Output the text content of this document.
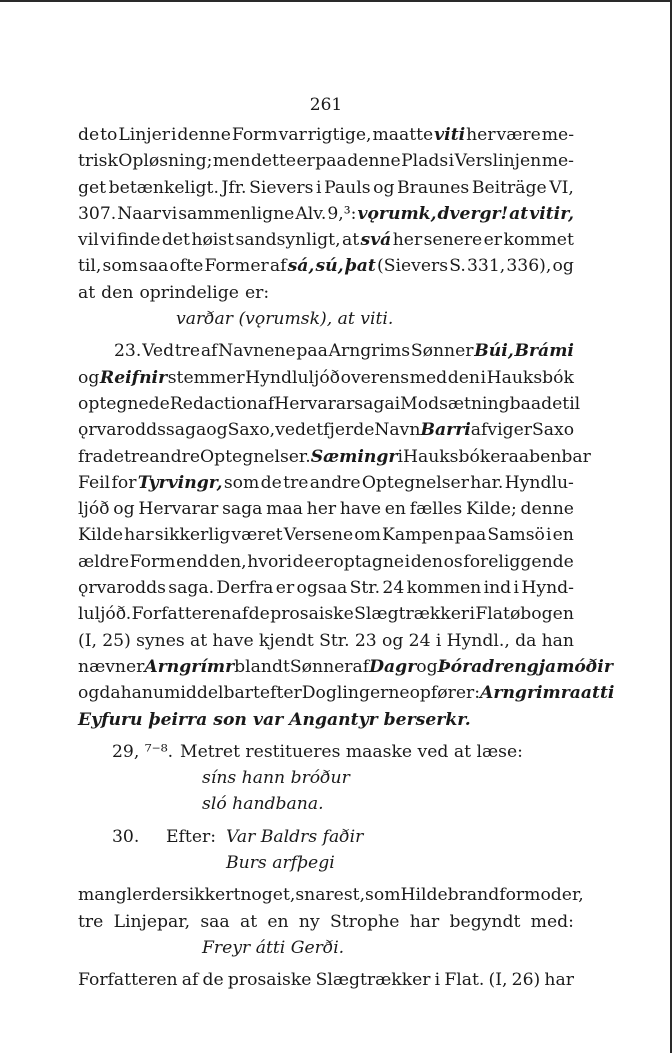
261
de to Linjer i denne Form var rigtige, maatte viti her være me-
trisk Opløsning; men dette er paa denne Plads i Verslinjen me-
get betænkeligt. Jfr. Sievers i Pauls og Braunes Beiträge VI,
307. Naar vi sammenligne Alv. 9,³: vǫrumk, dvergr! at vitir,
vil vi finde det høist sandsynligt, at svá her senere er kommet
til, som saa ofte Former af sá, sú, þat (Sievers S. 331, 336), og
at den oprindelige er:
varðar (vǫrumsk), at viti.
23. Ved tre af Navnene paa Arngrims Sønner Búi, Brámi
og Reifnir stemmer Hyndluljóð overens med den i Hauksbók
optegnede Redaction af Hervarar saga i Modsætning baade til
ǫrvarodds saga og Saxo, ved et fjerde Navn Barri afviger Saxo
fra de tre andre Optegnelser. Sæmingr i Hauksbók er aabenbar
Feil for Tyrvingr, som de tre andre Optegnelser har. Hyndlu-
ljóð og Hervarar saga maa her have en fælles Kilde; denne
Kilde har sikkerlig været Versene om Kampen paa Samsö i en
ældre Form end den, hvori de er optagne i den os foreliggende
ǫrvarodds saga. Derfra er ogsaa Str. 24 kommen ind i Hynd-
luljóð. Forfatteren af de prosaiske Slægtrækker i Flatøbogen
(I, 25) synes at have kjendt Str. 23 og 24 i Hyndl., da han
nævner Arngrímr blandt Sønner af Dagr og Þóra drengja móðir
og da han umiddelbart efter Doglingerne opfører: Arngrimr aatti
Eyfuru þeirra son var Angantyr berserkr.
29, ⁷⁻⁸. Metret restitueres maaske ved at læse:
síns hann bróður
sló handbana.
30.	Efter: Var Baldrs faðir
Burs arfþegi
mangler der sikkert noget, snarest, som Hildebrand formoder,
tre Linjepar, saa at en ny Strophe har begyndt med:
Freyr átti Gerði.
Forfatteren af de prosaiske Slægtrækker i Flat. (I, 26) har
